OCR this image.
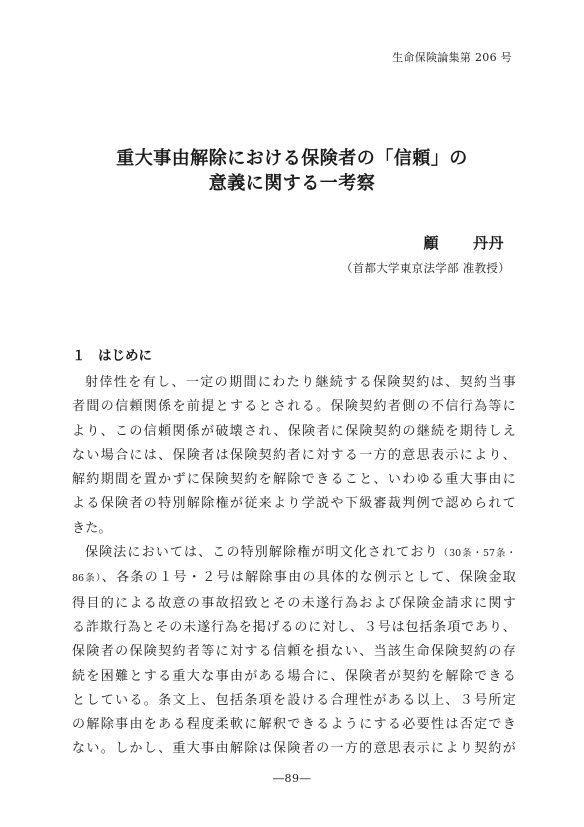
生命保険論集第 206 号
重大事由解除における保険者の「信頼」の
意義に関する一考察
顧 丹丹
（首都大学東京法学部 准教授）
１ はじめに
射倖性を有し、一定の期間にわたり継続する保険契約は、契約当事
者間の信頼関係を前提とするとされる。保険契約者側の不信行為等に
より、この信頼関係が破壊され、保険者に保険契約の継続を期待しえ
ない場合には、保険者は保険契約者に対する一方的意思表示により、
解約期間を置かずに保険契約を解除できること、いわゆる重大事由に
よる保険者の特別解除権が従来より学説や下級審裁判例で認められて
きた。
保険法においては、この特別解除権が明文化されており（30条・57条・
86条）、各条の１号・２号は解除事由の具体的な例示として、保険金取
得目的による故意の事故招致とその未遂行為および保険金請求に関す
る詐欺行為とその未遂行為を掲げるのに対し、３号は包括条項であり、
保険者の保険契約者等に対する信頼を損ない、当該生命保険契約の存
続を困難とする重大な事由がある場合に、保険者が契約を解除できる
としている。条文上、包括条項を設ける合理性がある以上、３号所定
の解除事由をある程度柔軟に解釈できるようにする必要性は否定でき
ない。しかし、重大事由解除は保険者の一方的意思表示により契約が
―89―
